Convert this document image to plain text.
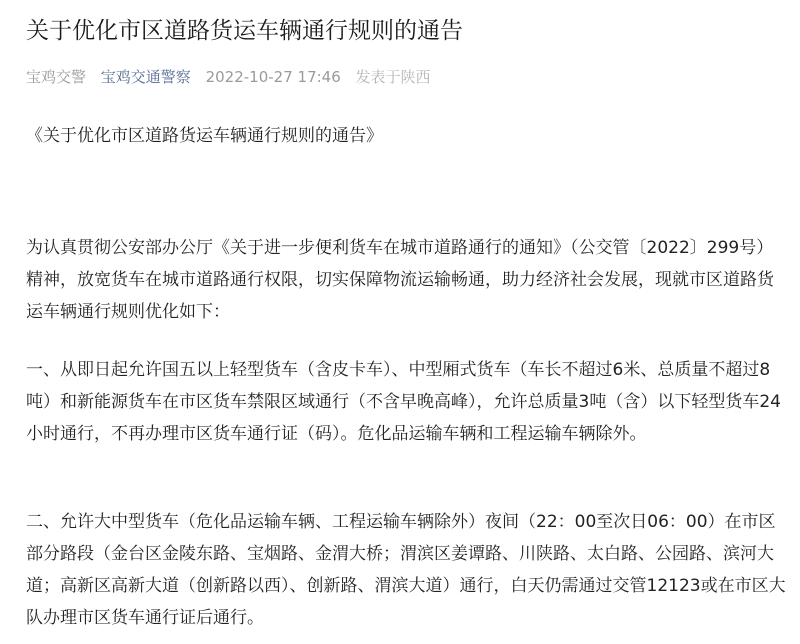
关于优化市区道路货运车辆通行规则的通告
宝鸡交警 宝鸡交通警察 2022-10-27 17:46 发表于陕西

《关于优化市区道路货运车辆通行规则的通告》

为认真贯彻公安部办公厅《关于进一步便利货车在城市道路通行的通知》（公交管〔2022〕299号）精神，放宽货车在城市道路通行权限，切实保障物流运输畅通，助力经济社会发展，现就市区道路货运车辆通行规则优化如下：

一、从即日起允许国五以上轻型货车（含皮卡车）、中型厢式货车（车长不超过6米、总质量不超过8吨）和新能源货车在市区货车禁限区域通行（不含早晚高峰），允许总质量3吨（含）以下轻型货车24小时通行，不再办理市区货车通行证（码）。危化品运输车辆和工程运输车辆除外。

二、允许大中型货车（危化品运输车辆、工程运输车辆除外）夜间（22：00至次日06：00）在市区部分路段（金台区金陵东路、宝烟路、金渭大桥；渭滨区姜谭路、川陕路、太白路、公园路、滨河大道；高新区高新大道（创新路以西）、创新路、渭滨大道）通行，白天仍需通过交管12123或在市区大队办理市区货车通行证后通行。
